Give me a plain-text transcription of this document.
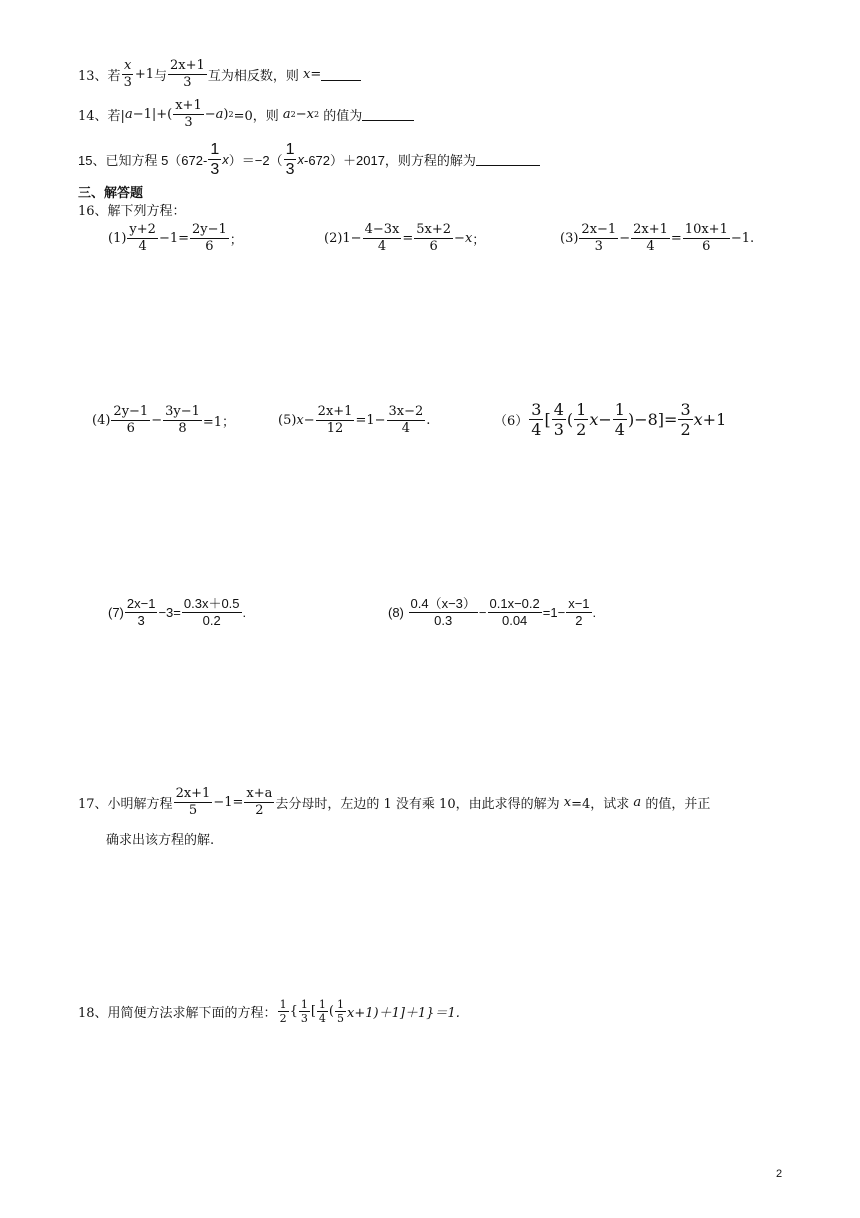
13、 若 $\frac{x}{3} +1$ 与 $\frac{2x+1}{3}$ 互为相反数，则
x =
14、 若| $a -1|+( \frac{x+1}{3} - a$ ) 2 =0，则
a 2 − x 2
的值为
15、 已知方程 $5(672- \frac{1}{3}$ x ）$=-2( \frac{1}{3}$ x -672）＋2017，则方程的解为
三、解答题
16、解下列方程：
$(1) \frac{y+2}{4} -1= \frac{2y-1}{6}$ ；	$(2)1- \frac{4-3x}{4} = \frac{5x+2}{6} - x$ ；	$(3) \frac{2x-1}{3} - \frac{2x+1}{4} = \frac{10x+1}{6} -1$.
$(4) \frac{2y-1}{6} - \frac{3y-1}{8} =1$；	(5) $x - \frac{2x+1}{12} =1- \frac{3x-2}{4}$ .	$(6) \frac{3}{4}$ [ $\frac{4}{3}$ ( $\frac{1}{2}$ $x - \frac{1}{4} )-8]= \frac{3}{2}$ x +1
$(7) \frac{2x-1}{3} -3= \frac{0.3x+0.5}{0.2}$ .	(8)
$\frac{0.4(x-3)}{0.3} - \frac{0.1x-0.2}{0.04} =1- \frac{x-1}{2}$ .
17、 小明解方程 $\frac{2x+1}{5} -1= \frac{x+a}{2}$ 去分母时，左边的 1 没有乘 10，由此求得的解为
x =4，试求
a
的值，并正
确求出该方程的解.
18、 用简便方法求解下面的方程： $\frac{1}{2}$ { $\frac{1}{3}$ [ $\frac{1}{4}$ ( $\frac{1}{5} x+1)+1]+1\}=1$.
2
